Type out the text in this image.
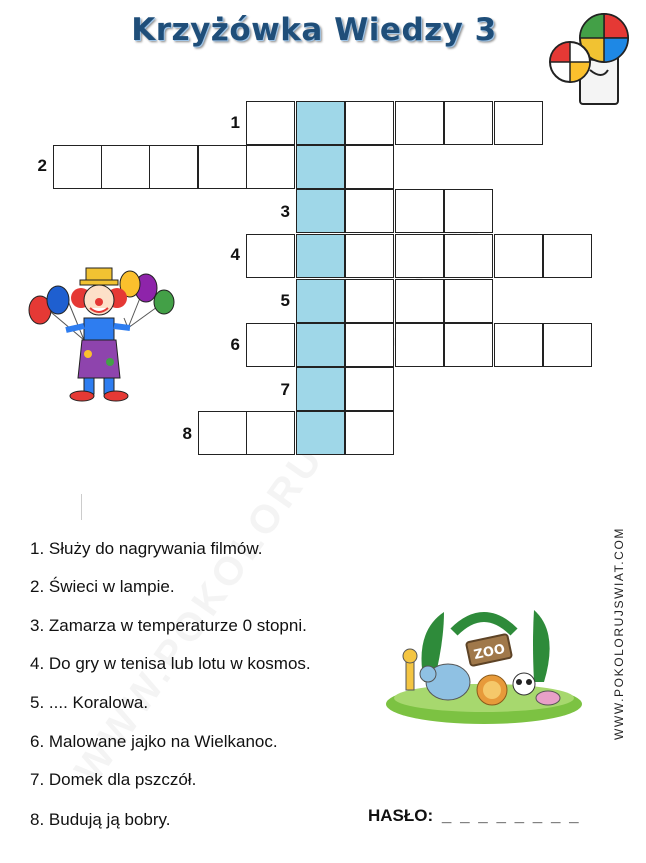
Krzyżówka Wiedzy 3
1
2
3
4
5
6
7
8
1. Służy do nagrywania filmów.
2. Świeci w lampie.
3. Zamarza w temperaturze 0 stopni.
4. Do gry w tenisa lub lotu w kosmos.
5. .... Koralowa.
6. Malowane jajko na Wielkanoc.
7. Domek dla pszczół.
8. Budują ją bobry.
ZOO
HASŁO: _ _ _ _ _ _ _ _
WWW.POKOLORUJSWIAT.COM
